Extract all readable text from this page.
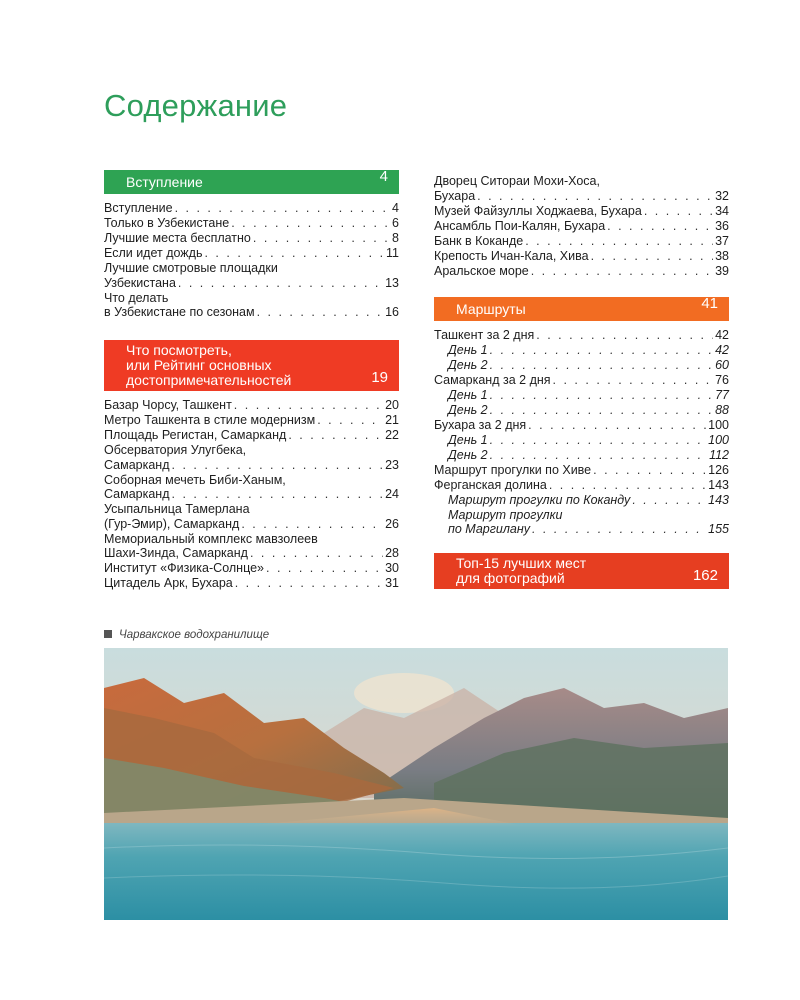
Содержание
Вступление	4
Вступление . . .	4
Только в Узбекистане . . .	6
Лучшие места бесплатно . . .	8
Если идет дождь . . .	11
Лучшие смотровые площадки
Узбекистана . . .	13
Что делать
в Узбекистане по сезонам . . .	16
Что посмотреть,
или Рейтинг основных
достопримечательностей	19
Базар Чорсу, Ташкент . . .	20
Метро Ташкента в стиле модернизм . . .	21
Площадь Регистан, Самарканд . . .	22
Обсерватория Улугбека,
Самарканд . . .	23
Соборная мечеть Биби-Ханым,
Самарканд . . .	24
Усыпальница Тамерлана
(Гур-Эмир), Самарканд . . .	26
Мемориальный комплекс мавзолеев
Шахи-Зинда, Самарканд . . .	28
Институт «Физика-Солнце» . . .	30
Цитадель Арк, Бухара . . .	31
Дворец Ситораи Мохи-Хоса,
Бухара . . .	32
Музей Файзуллы Ходжаева, Бухара . . .	34
Ансамбль Пои-Калян, Бухара . . .	36
Банк в Коканде . . .	37
Крепость Ичан-Кала, Хива . . .	38
Аральское море . . .	39
Маршруты	41
Ташкент за 2 дня . . .	42
День 1 . . .	42
День 2 . . .	60
Самарканд за 2 дня . . .	76
День 1 . . .	77
День 2 . . .	88
Бухара за 2 дня . . .	100
День 1 . . .	100
День 2 . . .	112
Маршрут прогулки по Хиве . . .	126
Ферганская долина . . .	143
Маршрут прогулки по Коканду . . .	143
Маршрут прогулки
по Маргилану . . .	155
Топ-15 лучших мест
для фотографий	162
Чарвакское водохранилище
